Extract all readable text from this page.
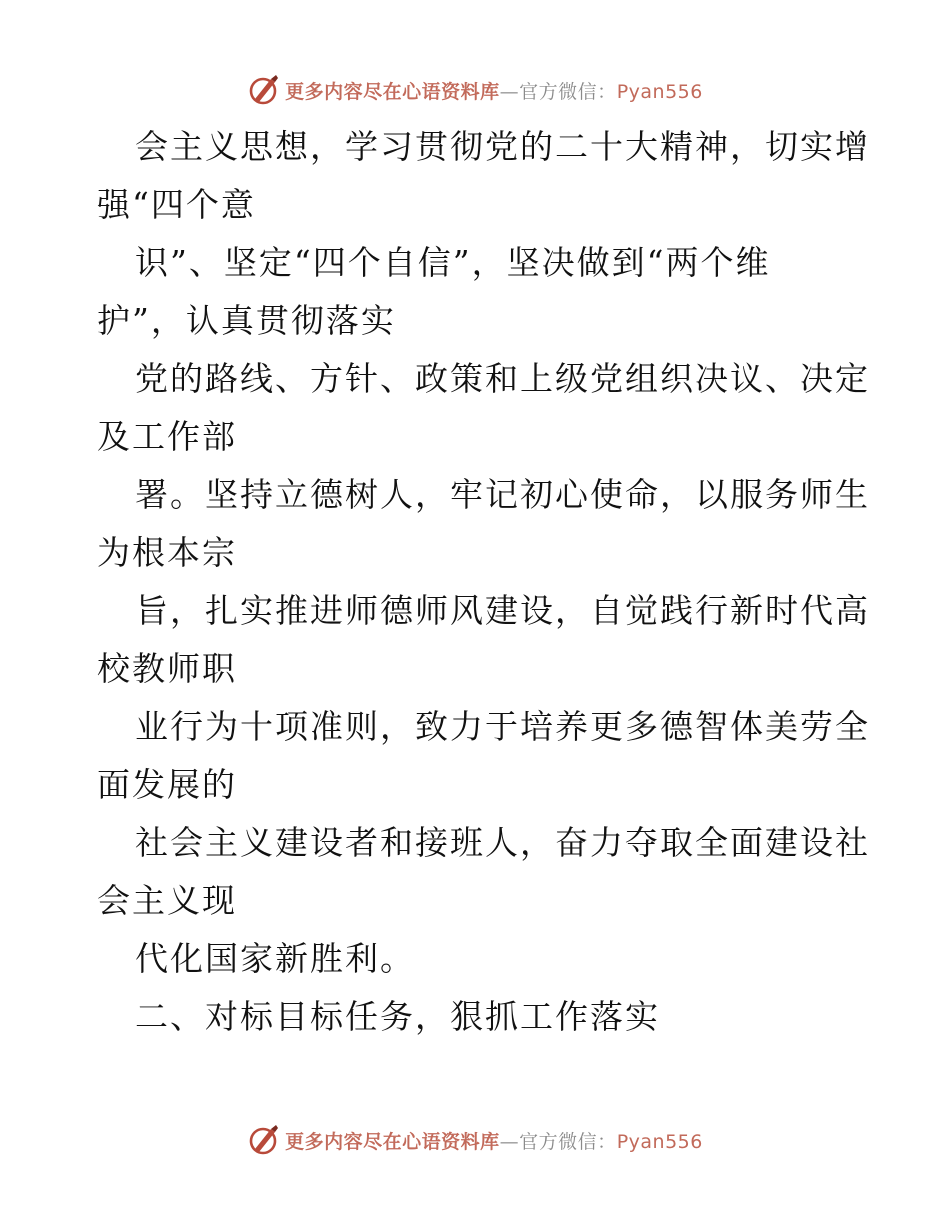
更多内容尽在心语资料库—官方微信：Pyan556
会主义思想，学习贯彻党的二十大精神，切实增
强“四个意
识”、坚定“四个自信”，坚决做到“两个维
护”，认真贯彻落实
党的路线、方针、政策和上级党组织决议、决定
及工作部
署。坚持立德树人，牢记初心使命，以服务师生
为根本宗
旨，扎实推进师德师风建设，自觉践行新时代高
校教师职
业行为十项准则，致力于培养更多德智体美劳全
面发展的
社会主义建设者和接班人，奋力夺取全面建设社
会主义现
代化国家新胜利。
二、对标目标任务，狠抓工作落实
更多内容尽在心语资料库—官方微信：Pyan556
